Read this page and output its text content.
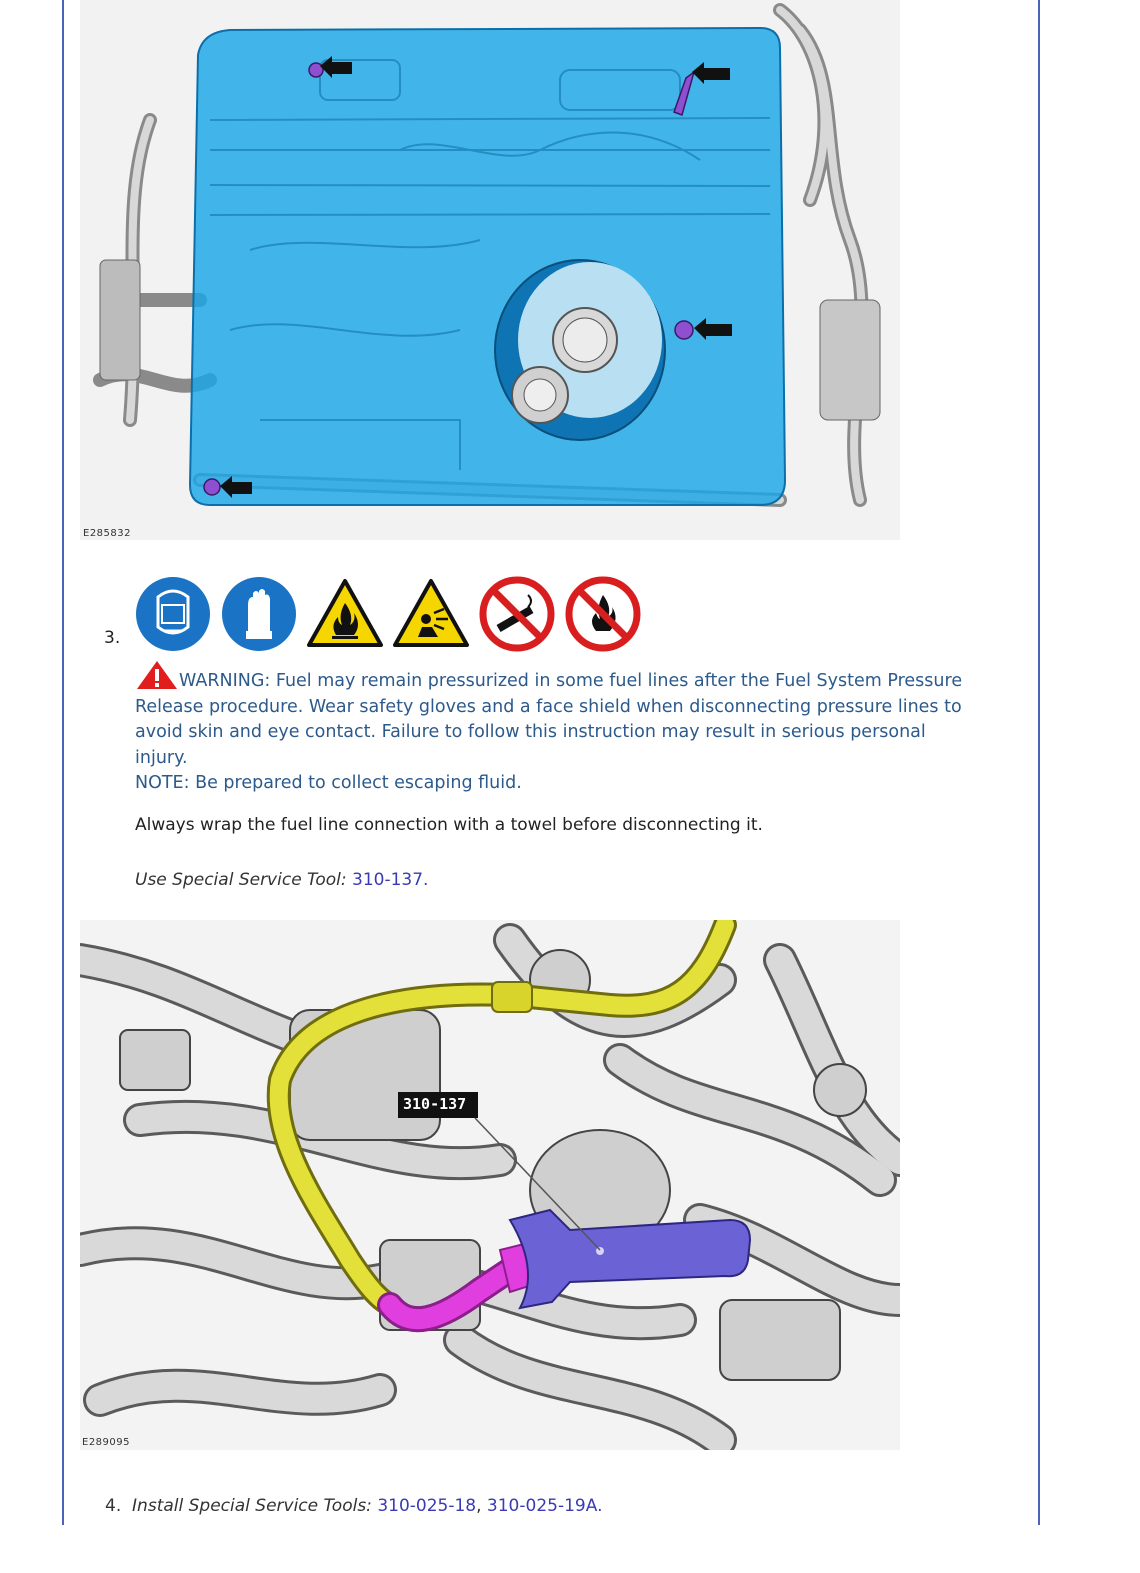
E285832
3.
WARNING: Fuel may remain pressurized in some fuel lines after the Fuel System Pressure Release procedure. Wear safety gloves and a face shield when disconnecting pressure lines to avoid skin and eye contact. Failure to follow this instruction may result in serious personal injury.
NOTE: Be prepared to collect escaping fluid.
Always wrap the fuel line connection with a towel before disconnecting it.
Use Special Service Tool: 310-137.
310-137
E289095
4. Install Special Service Tools: 310-025-18, 310-025-19A.
